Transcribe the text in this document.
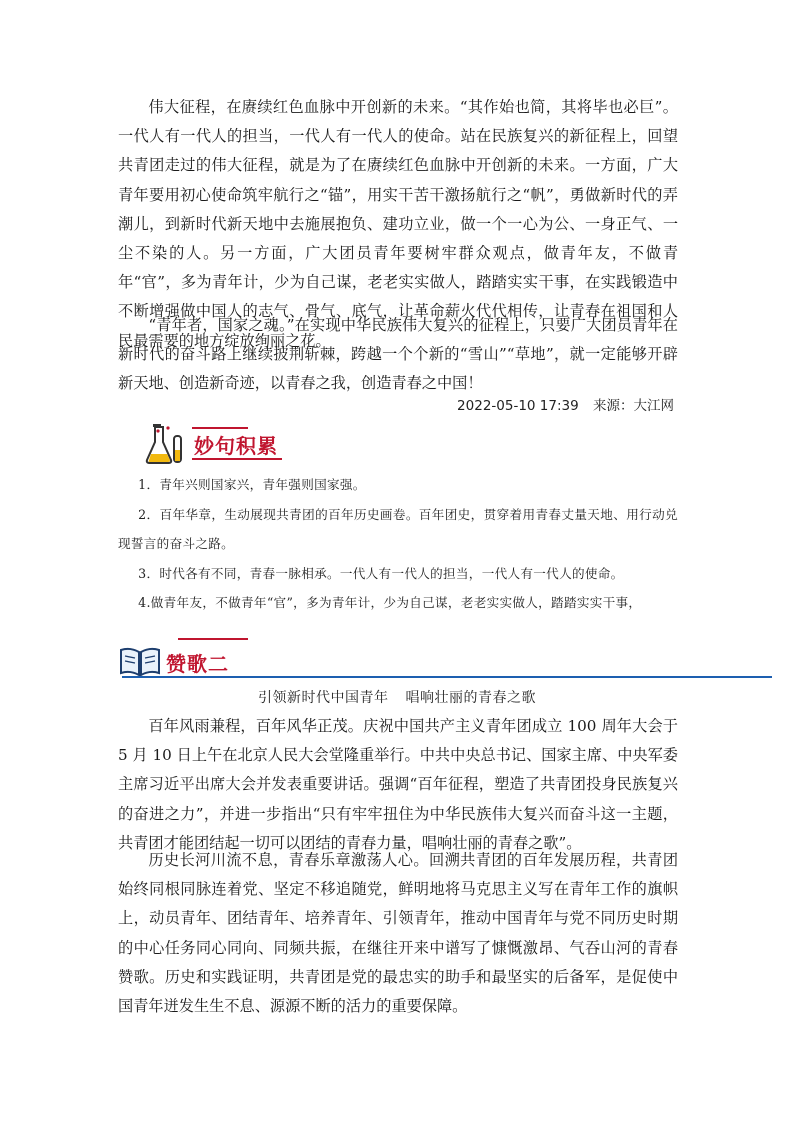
伟大征程，在赓续红色血脉中开创新的未来。“其作始也简，其将毕也必巨”。一代人有一代人的担当，一代人有一代人的使命。站在民族复兴的新征程上，回望共青团走过的伟大征程，就是为了在赓续红色血脉中开创新的未来。一方面，广大青年要用初心使命筑牢航行之“锚”，用实干苦干激扬航行之“帆”，勇做新时代的弄潮儿，到新时代新天地中去施展抱负、建功立业，做一个一心为公、一身正气、一尘不染的人。另一方面，广大团员青年要树牢群众观点，做青年友，不做青年“官”，多为青年计，少为自己谋，老老实实做人，踏踏实实干事，在实践锻造中不断增强做中国人的志气、骨气、底气，让革命薪火代代相传，让青春在祖国和人民最需要的地方绽放绚丽之花。

“青年者，国家之魂。”在实现中华民族伟大复兴的征程上，只要广大团员青年在新时代的奋斗路上继续披荆斩棘，跨越一个个新的“雪山”“草地”，就一定能够开辟新天地、创造新奇迹，以青春之我，创造青春之中国！

2022-05-10 17:39 来源：大江网
妙句积累
1．青年兴则国家兴，青年强则国家强。
2．百年华章，生动展现共青团的百年历史画卷。百年团史，贯穿着用青春丈量天地、用行动兑现誓言的奋斗之路。
3．时代各有不同，青春一脉相承。一代人有一代人的担当，一代人有一代人的使命。
4.做青年友，不做青年“官”，多为青年计，少为自己谋，老老实实做人，踏踏实实干事，
赞歌二
引领新时代中国青年 唱响壮丽的青春之歌

百年风雨兼程，百年风华正茂。庆祝中国共产主义青年团成立 100 周年大会于 5 月 10 日上午在北京人民大会堂隆重举行。中共中央总书记、国家主席、中央军委主席习近平出席大会并发表重要讲话。强调“百年征程，塑造了共青团投身民族复兴的奋进之力”，并进一步指出“只有牢牢扭住为中华民族伟大复兴而奋斗这一主题，共青团才能团结起一切可以团结的青春力量，唱响壮丽的青春之歌”。

历史长河川流不息，青春乐章激荡人心。回溯共青团的百年发展历程，共青团始终同根同脉连着党、坚定不移追随党，鲜明地将马克思主义写在青年工作的旗帜上，动员青年、团结青年、培养青年、引领青年，推动中国青年与党不同历史时期的中心任务同心同向、同频共振，在继往开来中谱写了慷慨激昂、气吞山河的青春赞歌。历史和实践证明，共青团是党的最忠实的助手和最坚实的后备军，是促使中国青年迸发生生不息、源源不断的活力的重要保障。
